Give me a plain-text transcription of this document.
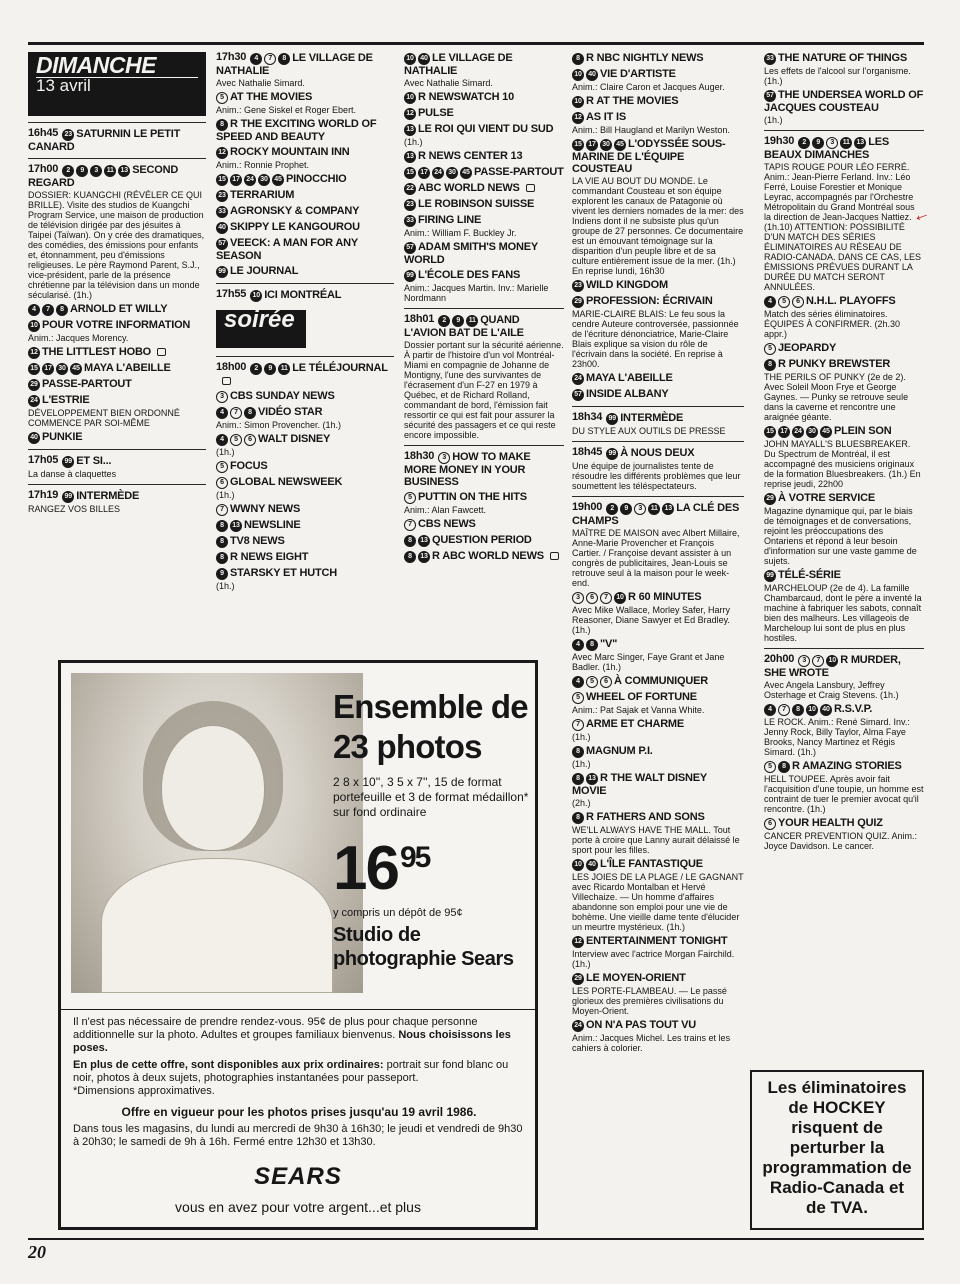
DIMANCHE
13 avril
16h45 23 SATURNIN LE PETIT CANARD
17h00	2 9 3 11 13 SECOND REGARD
DOSSIER: KUANGCHI (RÉVÉLER CE QUI BRILLE). Visite des studios de Kuangchi Program Service, une maison de production de télévision dirigée par des jésuites à Taipei (Taïwan). On y crée des dramatiques, des comédies, des émissions pour enfants et, étonnamment, peu d'émissions religieuses. Le père Raymond Parent, S.J., vice-président, parle de la présence chrétienne par la télévision dans un monde sécularisé. (1h.)
4 7 8 ARNOLD ET WILLY
10 POUR VOTRE INFORMATION
Anim.: Jacques Morency.
12 THE LITTLEST HOBO
15 17 30 45 MAYA L'ABEILLE
29 PASSE-PARTOUT
24 L'ESTRIE
DÉVELOPPEMENT BIEN ORDONNÉ COMMENCE PAR SOI-MÊME
40 PUNKIE
17h05 99 ET SI...
La danse à claquettes
17h19 99 INTERMÈDE
RANGEZ VOS BILLES
17h30	4 7 8 LE VILLAGE DE NATHALIE
Avec Nathalie Simard.
5 AT THE MOVIES
Anim.: Gene Siskel et Roger Ebert.
8 R THE EXCITING WORLD OF SPEED AND BEAUTY
12 ROCKY MOUNTAIN INN
Anim.: Ronnie Prophet.
15 17 24 30 45 PINOCCHIO
23 TERRARIUM
33 AGRONSKY & COMPANY
40 SKIPPY LE KANGOUROU
57 VEECK: A MAN FOR ANY SEASON
99 LE JOURNAL
17h55 10 ICI MONTRÉAL
soirée
18h00	2 9 11 LE TÉLÉJOURNAL
3 CBS SUNDAY NEWS
4 7 8 VIDÉO STAR
Anim.: Simon Provencher. (1h.)
4 5 6 WALT DISNEY
(1h.)
5 FOCUS
6 GLOBAL NEWSWEEK
(1h.)
7 WWNY NEWS
8 13 NEWSLINE
8 TV8 NEWS
8 R NEWS EIGHT
9 STARSKY ET HUTCH
(1h.)
10 40 LE VILLAGE DE NATHALIE
Avec Nathalie Simard.
10 R NEWSWATCH 10
12 PULSE
13 LE ROI QUI VIENT DU SUD
(1h.)
13 R NEWS CENTER 13
15 17 24 30 45 PASSE-PARTOUT
22 ABC WORLD NEWS
23 LE ROBINSON SUISSE
33 FIRING LINE
Anim.: William F. Buckley Jr.
57 ADAM SMITH'S MONEY WORLD
99 L'ÉCOLE DES FANS
Anim.: Jacques Martin. Inv.: Marielle Nordmann
18h01	2 9 11 QUAND L'AVION BAT DE L'AILE
Dossier portant sur la sécurité aérienne. À partir de l'histoire d'un vol Montréal-Miami en compagnie de Johanne de Montigny, l'une des survivantes de l'écrasement d'un F-27 en 1979 à Québec, et de Richard Rolland, commandant de bord, l'émission fait ressortir ce qui est fait pour assurer la sécurité des passagers et ce qui reste encore impossible.
18h30	3 HOW TO MAKE MORE MONEY IN YOUR BUSINESS
5 PUTTIN ON THE HITS
Anim.: Alan Fawcett.
7 CBS NEWS
8 13 QUESTION PERIOD
8 13 R ABC WORLD NEWS
8 R NBC NIGHTLY NEWS
10 40 VIE D'ARTISTE
Anim.: Claire Caron et Jacques Auger.
10 R AT THE MOVIES
12 AS IT IS
Anim.: Bill Haugland et Marilyn Weston.
15 17 30 45 L'ODYSSÉE SOUS-MARINE DE L'ÉQUIPE COUSTEAU
LA VIE AU BOUT DU MONDE. Le commandant Cousteau et son équipe explorent les canaux de Patagonie où vivent les derniers nomades de la mer: des Indiens dont il ne subsiste plus qu'un groupe de 27 personnes. Ce documentaire est un émouvant témoignage sur la disparition d'un peuple libre et de sa culture entièrement issue de la mer. (1h.) En reprise lundi, 16h30
23 WILD KINGDOM
29 PROFESSION: ÉCRIVAIN
MARIE-CLAIRE BLAIS: Le feu sous la cendre Auteure controversée, passionnée de l'écriture dénonciatrice, Marie-Claire Blais explique sa vision du rôle de l'écrivain dans la société. En reprise à 23h00.
24 MAYA L'ABEILLE
57 INSIDE ALBANY
18h34 99 INTERMÈDE
DU STYLE AUX OUTILS DE PRESSE
18h45 99 À NOUS DEUX
Une équipe de journalistes tente de résoudre les différents problèmes que leur soumettent les téléspectateurs.
19h00	2 9 3 11 13 LA CLÉ DES CHAMPS
MAÎTRE DE MAISON avec Albert Millaire, Anne-Marie Provencher et François Cartier. / Françoise devant assister à un congrès de publicitaires, Jean-Louis se retrouve seul à la maison pour le week-end.
3 6 7 10 R 60 MINUTES
Avec Mike Wallace, Morley Safer, Harry Reasoner, Diane Sawyer et Ed Bradley. (1h.)
4 8 "V"
Avec Marc Singer, Faye Grant et Jane Badler. (1h.)
4 5 6 À COMMUNIQUER
5 WHEEL OF FORTUNE
Anim.: Pat Sajak et Vanna White.
7 ARME ET CHARME
(1h.)
8 MAGNUM P.I.
(1h.)
8 13 R THE WALT DISNEY MOVIE
(2h.)
8 R FATHERS AND SONS
WE'LL ALWAYS HAVE THE MALL. Tout porte à croire que Lanny aurait délaissé le sport pour les filles.
10 40 L'ÎLE FANTASTIQUE
LES JOIES DE LA PLAGE / LE GAGNANT avec Ricardo Montalban et Hervé Villechaize. — Un homme d'affaires abandonne son emploi pour une vie de bohème. Une vieille dame tente d'élucider un meurtre mystérieux. (1h.)
12 ENTERTAINMENT TONIGHT
Interview avec l'actrice Morgan Fairchild. (1h.)
29 LE MOYEN-ORIENT
LES PORTE-FLAMBEAU. — Le passé glorieux des premières civilisations du Moyen-Orient.
24 ON N'A PAS TOUT VU
Anim.: Jacques Michel. Les trains et les cahiers à colorier.
33 THE NATURE OF THINGS
Les effets de l'alcool sur l'organisme. (1h.)
57 THE UNDERSEA WORLD OF JACQUES COUSTEAU
(1h.)
19h30	2 9 3 11 13 LES BEAUX DIMANCHES
TAPIS ROUGE POUR LÉO FERRÉ. Anim.: Jean-Pierre Ferland. Inv.: Léo Ferré, Louise Forestier et Monique Leyrac, accompagnés par l'Orchestre Métropolitain du Grand Montréal sous la direction de Jean-Jacques Nattiez. (1h.10) ATTENTION: POSSIBILITÉ D'UN MATCH DES SÉRIES ÉLIMINATOIRES AU RÉSEAU DE RADIO-CANADA. DANS CE CAS, LES ÉMISSIONS PRÉVUES DURANT LA DURÉE DU MATCH SERONT ANNULÉES.
4 5 6 N.H.L. PLAYOFFS
Match des séries éliminatoires. ÉQUIPES À CONFIRMER. (2h.30 appr.)
5 JEOPARDY
8 R PUNKY BREWSTER
THE PERILS OF PUNKY (2e de 2). Avec Soleil Moon Frye et George Gaynes. — Punky se retrouve seule dans la caverne et rencontre une araignée géante.
15 17 24 30 45 PLEIN SON
JOHN MAYALL'S BLUESBREAKER. Du Spectrum de Montréal, il est accompagné des musiciens originaux de la formation Bluesbreakers. (1h.) En reprise jeudi, 22h00
29 À VOTRE SERVICE
Magazine dynamique qui, par le biais de témoignages et de conversations, rejoint les préoccupations des Ontariens et répond à leur besoin d'information sur une vaste gamme de sujets.
99 TÉLÉ-SÉRIE
MARCHELOUP (2e de 4). La famille Chambarcaud, dont le père a inventé la machine à fabriquer les sabots, connaît bien des malheurs. Les villageois de Marcheloup lui sont de plus en plus hostiles.
20h00	3 7 10 R MURDER, SHE WROTE
Avec Angela Lansbury, Jeffrey Osterhage et Craig Stevens. (1h.)
4 7 8 10 40 R.S.V.P.
LE ROCK. Anim.: René Simard. Inv.: Jenny Rock, Billy Taylor, Alma Faye Brooks, Nancy Martinez et Régis Simard. (1h.)
5 8 R AMAZING STORIES
HELL TOUPEE. Après avoir fait l'acquisition d'une toupie, un homme est contraint de tuer le premier avocat qu'il rencontre. (1h.)
6 YOUR HEALTH QUIZ
CANCER PREVENTION QUIZ. Anim.: Joyce Davidson. Le cancer.
←
Ensemble de 23 photos
2 8 x 10'', 3 5 x 7'', 15 de format portefeuille et 3 de format médaillon* sur fond ordinaire
$16^{95}$
y compris un dépôt de 95¢
Studio de photographie Sears

Il n'est pas nécessaire de prendre rendez-vous. 95¢ de plus pour chaque personne additionnelle sur la photo. Adultes et groupes familiaux bienvenus. Nous choisissons les poses.

En plus de cette offre, sont disponibles aux prix ordinaires: portrait sur fond blanc ou noir, photos à deux sujets, photographies instantanées pour passeport.
*Dimensions approximatives.

Offre en vigueur pour les photos prises jusqu'au 19 avril 1986.

Dans tous les magasins, du lundi au mercredi de 9h30 à 16h30; le jeudi et vendredi de 9h30 à 20h30; le samedi de 9h à 16h. Fermé entre 12h30 et 13h30.

SEARS
vous en avez pour votre argent...et plus
Les éliminatoires de HOCKEY risquent de perturber la programmation de Radio-Canada et de TVA.
20
